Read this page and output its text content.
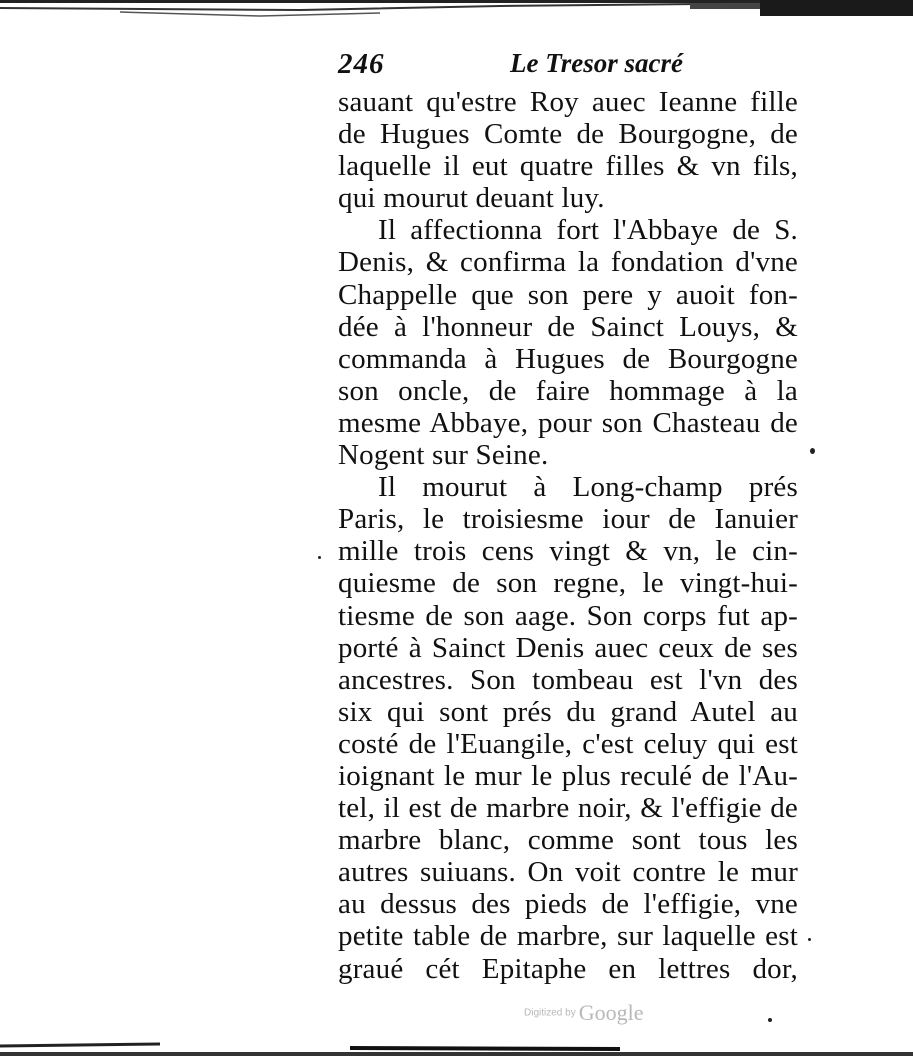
246	Le Tresor sacré
sauant qu'estre Roy auec Ieanne fille
de Hugues Comte de Bourgogne, de
laquelle il eut quatre filles & vn fils,
qui mourut deuant luy.
Il affectionna fort l'Abbaye de S.
Denis, & confirma la fondation d'vne
Chappelle que son pere y auoit fon-
dée à l'honneur de Sainct Louys, &
commanda à Hugues de Bourgogne
son oncle, de faire hommage à la
mesme Abbaye, pour son Chasteau de
Nogent sur Seine.
Il mourut à Long-champ prés
Paris, le troisiesme iour de Ianuier
mille trois cens vingt & vn, le cin-
quiesme de son regne, le vingt-hui-
tiesme de son aage. Son corps fut ap-
porté à Sainct Denis auec ceux de ses
ancestres. Son tombeau est l'vn des
six qui sont prés du grand Autel au
costé de l'Euangile, c'est celuy qui est
ioignant le mur le plus reculé de l'Au-
tel, il est de marbre noir, & l'effigie de
marbre blanc, comme sont tous les
autres suiuans. On voit contre le mur
au dessus des pieds de l'effigie, vne
petite table de marbre, sur laquelle est
graué cét Epitaphe en lettres dor,
Digitized by Google
